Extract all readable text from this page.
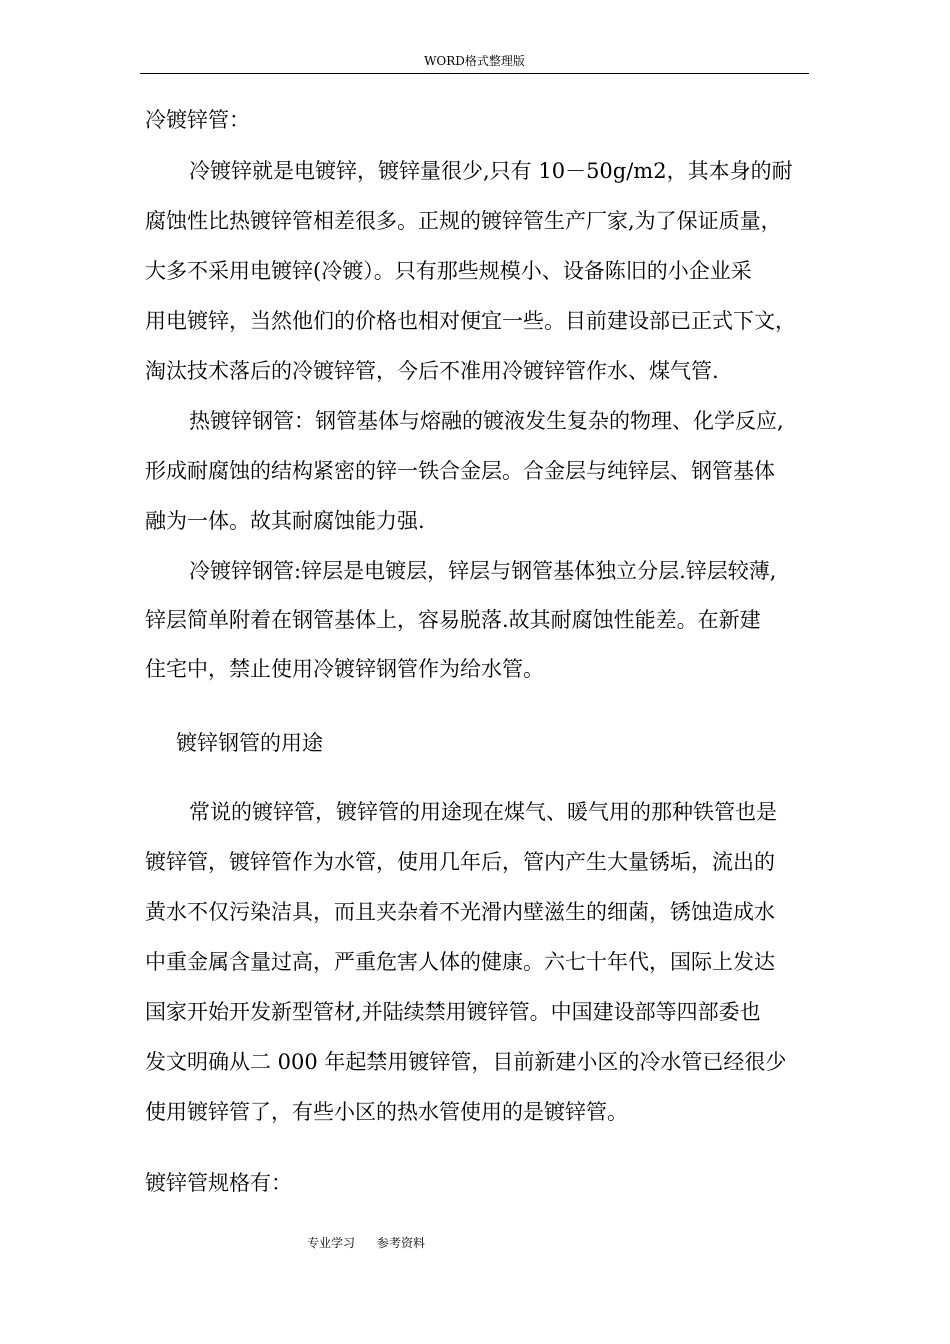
WORD格式整理版
冷镀锌管：
冷镀锌就是电镀锌，镀锌量很少,只有 10－50g/m2，其本身的耐
腐蚀性比热镀锌管相差很多。正规的镀锌管生产厂家,为了保证质量，
大多不采用电镀锌(冷镀）。只有那些规模小、设备陈旧的小企业采
用电镀锌，当然他们的价格也相对便宜一些。目前建设部已正式下文，
淘汰技术落后的冷镀锌管，今后不准用冷镀锌管作水、煤气管.
热镀锌钢管：钢管基体与熔融的镀液发生复杂的物理、化学反应,
形成耐腐蚀的结构紧密的锌一铁合金层。合金层与纯锌层、钢管基体
融为一体。故其耐腐蚀能力强.
冷镀锌钢管:锌层是电镀层，锌层与钢管基体独立分层.锌层较薄,
锌层简单附着在钢管基体上，容易脱落.故其耐腐蚀性能差。在新建
住宅中，禁止使用冷镀锌钢管作为给水管。
镀锌钢管的用途
常说的镀锌管，镀锌管的用途现在煤气、暖气用的那种铁管也是
镀锌管，镀锌管作为水管，使用几年后，管内产生大量锈垢，流出的
黄水不仅污染洁具，而且夹杂着不光滑内壁滋生的细菌，锈蚀造成水
中重金属含量过高，严重危害人体的健康。六七十年代，国际上发达
国家开始开发新型管材,并陆续禁用镀锌管。中国建设部等四部委也
发文明确从二 000 年起禁用镀锌管，目前新建小区的冷水管已经很少
使用镀锌管了，有些小区的热水管使用的是镀锌管。
镀锌管规格有：
专业学习 参考资料
